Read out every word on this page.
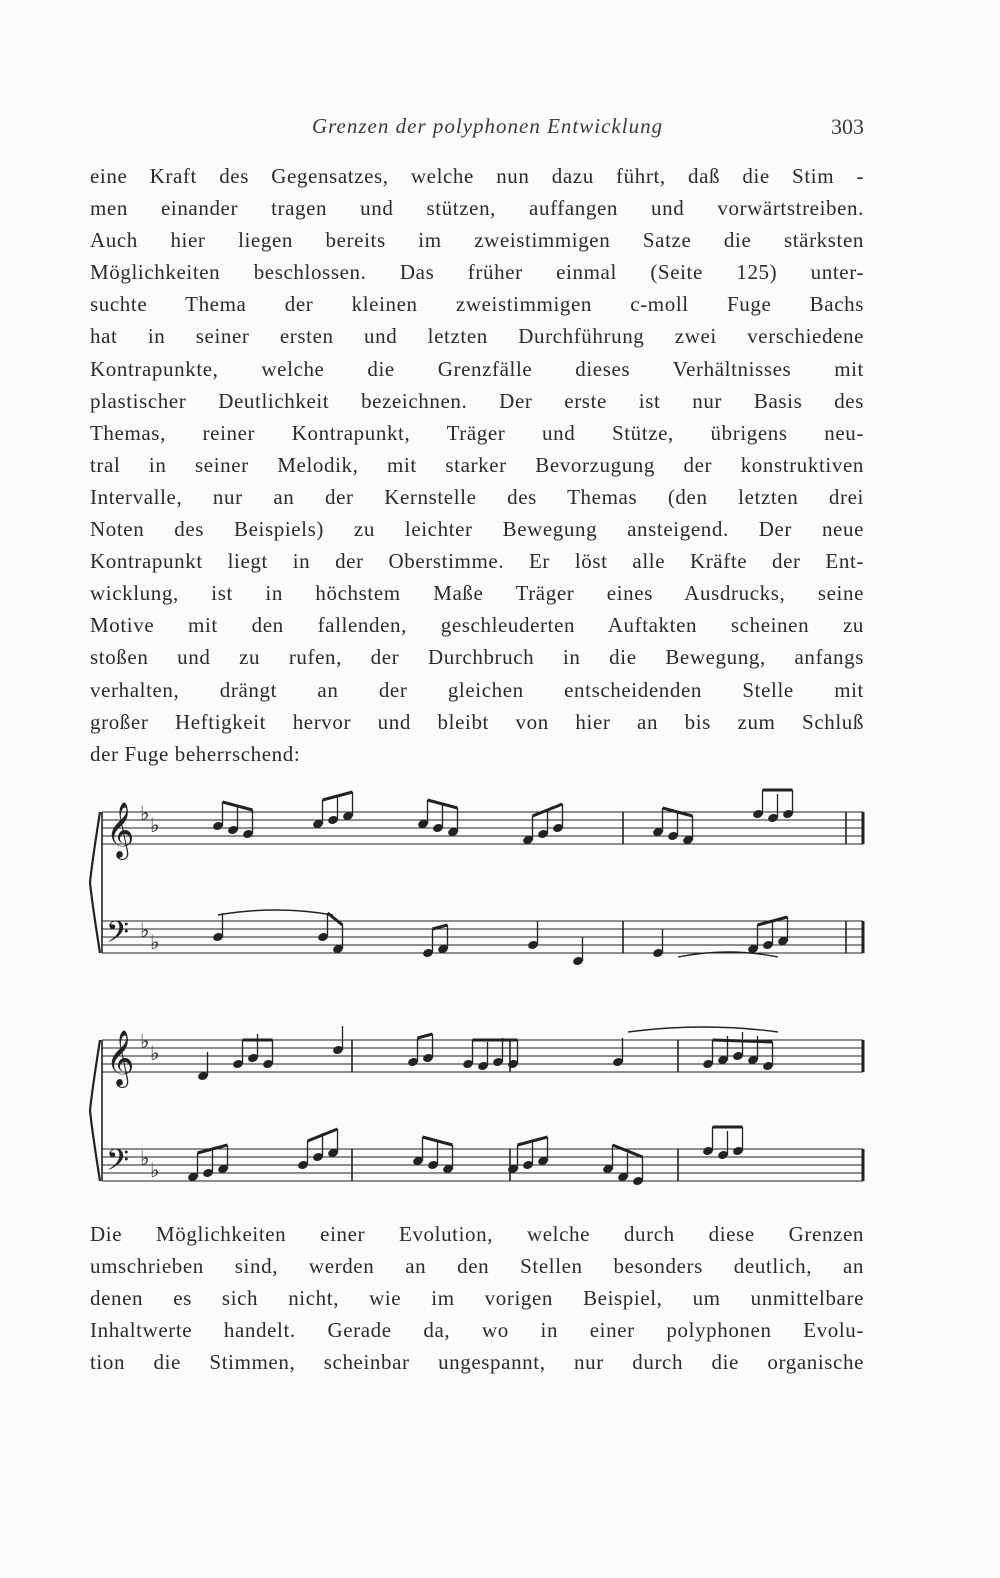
Grenzen der polyphonen Entwicklung	303
eine Kraft des Gegensatzes, welche nun dazu führt, daß die Stim -
men einander tragen und stützen, auffangen und vorwärtstreiben.
Auch hier liegen bereits im zweistimmigen Satze die stärksten
Möglichkeiten beschlossen. Das früher einmal (Seite 125) unter-
suchte Thema der kleinen zweistimmigen c-moll Fuge Bachs
hat in seiner ersten und letzten Durchführung zwei verschiedene
Kontrapunkte, welche die Grenzfälle dieses Verhältnisses mit
plastischer Deutlichkeit bezeichnen. Der erste ist nur Basis des
Themas, reiner Kontrapunkt, Träger und Stütze, übrigens neu-
tral in seiner Melodik, mit starker Bevorzugung der konstruktiven
Intervalle, nur an der Kernstelle des Themas (den letzten drei
Noten des Beispiels) zu leichter Bewegung ansteigend. Der neue
Kontrapunkt liegt in der Oberstimme. Er löst alle Kräfte der Ent-
wicklung, ist in höchstem Maße Träger eines Ausdrucks, seine
Motive mit den fallenden, geschleuderten Auftakten scheinen zu
stoßen und zu rufen, der Durchbruch in die Bewegung, anfangs
verhalten, drängt an der gleichen entscheidenden Stelle mit
großer Heftigkeit hervor und bleibt von hier an bis zum Schluß
der Fuge beherrschend:
𝄞 ♭ ♭
𝄢 ♭ ♭
𝄞 ♭ ♭
𝄢 ♭ ♭
Die Möglichkeiten einer Evolution, welche durch diese Grenzen
umschrieben sind, werden an den Stellen besonders deutlich, an
denen es sich nicht, wie im vorigen Beispiel, um unmittelbare
Inhaltwerte handelt. Gerade da, wo in einer polyphonen Evolu-
tion die Stimmen, scheinbar ungespannt, nur durch die organische
